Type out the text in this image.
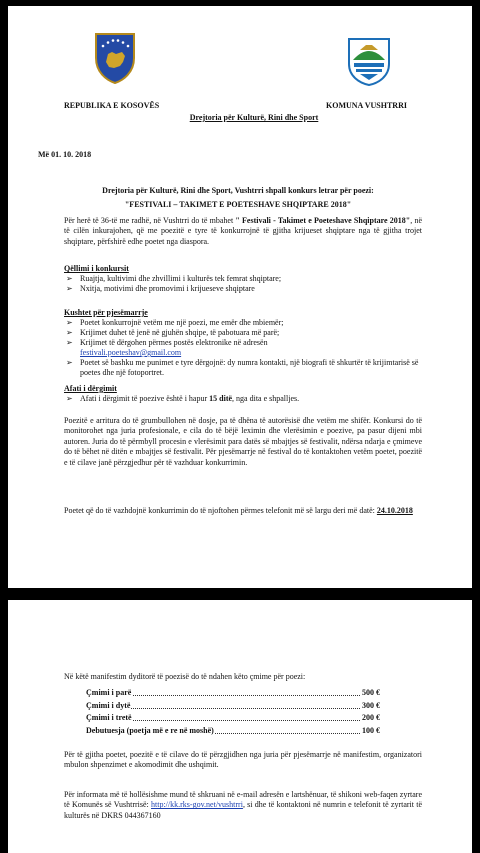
REPUBLIKA E KOSOVËS	KOMUNA VUSHTRRI
Drejtoria për Kulturë, Rini dhe Sport
Më 01. 10. 2018
Drejtoria për Kulturë, Rini dhe Sport, Vushtrri shpall konkurs letrar për poezi:
"FESTIVALI – TAKIMET E POETESHAVE SHQIPTARE 2018"
Për herë të 36-të me radhë, në Vushtrri do të mbahet " Festivali - Takimet e Poeteshave Shqiptare 2018", në të cilën inkurajohen, që me poezitë e tyre të konkurrojnë të gjitha krijueset shqiptare nga të gjitha trojet shqiptare, përfshirë edhe poetet nga diaspora.
Qëllimi i konkursit
➢ Ruajtja, kultivimi dhe zhvillimi i kulturës tek femrat shqiptare;
➢ Nxitja, motivimi dhe promovimi i krijueseve shqiptare
Kushtet për pjesëmarrje
➢ Poetet konkurrojnë vetëm me një poezi, me emër dhe mbiemër;
➢ Krijimet duhet të jenë në gjuhën shqipe, të pabotuara më parë;
➢ Krijimet të dërgohen përmes postës elektronike në adresën
festivali.poeteshav@gmail.com
➢ Poetet së bashku me punimet e tyre dërgojnë: dy numra kontakti, një biografi të shkurtër të krijimtarisë së poetes dhe një fotoportret.
Afati i dërgimit
➢ Afati i dërgimit të poezive është i hapur 15 ditë, nga dita e shpalljes.
Poezitë e arritura do të grumbullohen në dosje, pa të dhëna të autorësisë dhe vetëm me shifër. Konkursi do të monitorohet nga juria profesionale, e cila do të bëjë leximin dhe vlerësimin e poezive, pa pasur dijeni mbi autoren. Juria do të përmbyll procesin e vlerësimit para datës së mbajtjes së festivalit, ndërsa ndarja e çmimeve do të bëhet në ditën e mbajtjes së festivalit. Për pjesëmarrje në festival do të kontaktohen vetëm poetet, poezitë e të cilave janë përzgjedhur për të vazhduar konkurrimin.
Poetet që do të vazhdojnë konkurrimin do të njoftohen përmes telefonit më së largu deri më datë: 24.10.2018
Në këtë manifestim dyditorë të poezisë do të ndahen këto çmime për poezi:
Çmimi i parë	500 €
Çmimi i dytë	300 €
Çmimi i tretë	200 €
Debutuesja (poetja më e re në moshë)	100 €
Për të gjitha poetet, poezitë e të cilave do të përzgjidhen nga juria për pjesëmarrje në manifestim, organizatori mbulon shpenzimet e akomodimit dhe ushqimit.
Për informata më të hollësishme mund të shkruani në e-mail adresën e lartshënuar, të shikoni web-faqen zyrtare të Komunës së Vushtrrisë: http://kk.rks-gov.net/vushtrri, si dhe të kontaktoni në numrin e telefonit të zyrtarit të kulturës në DKRS 044367160
